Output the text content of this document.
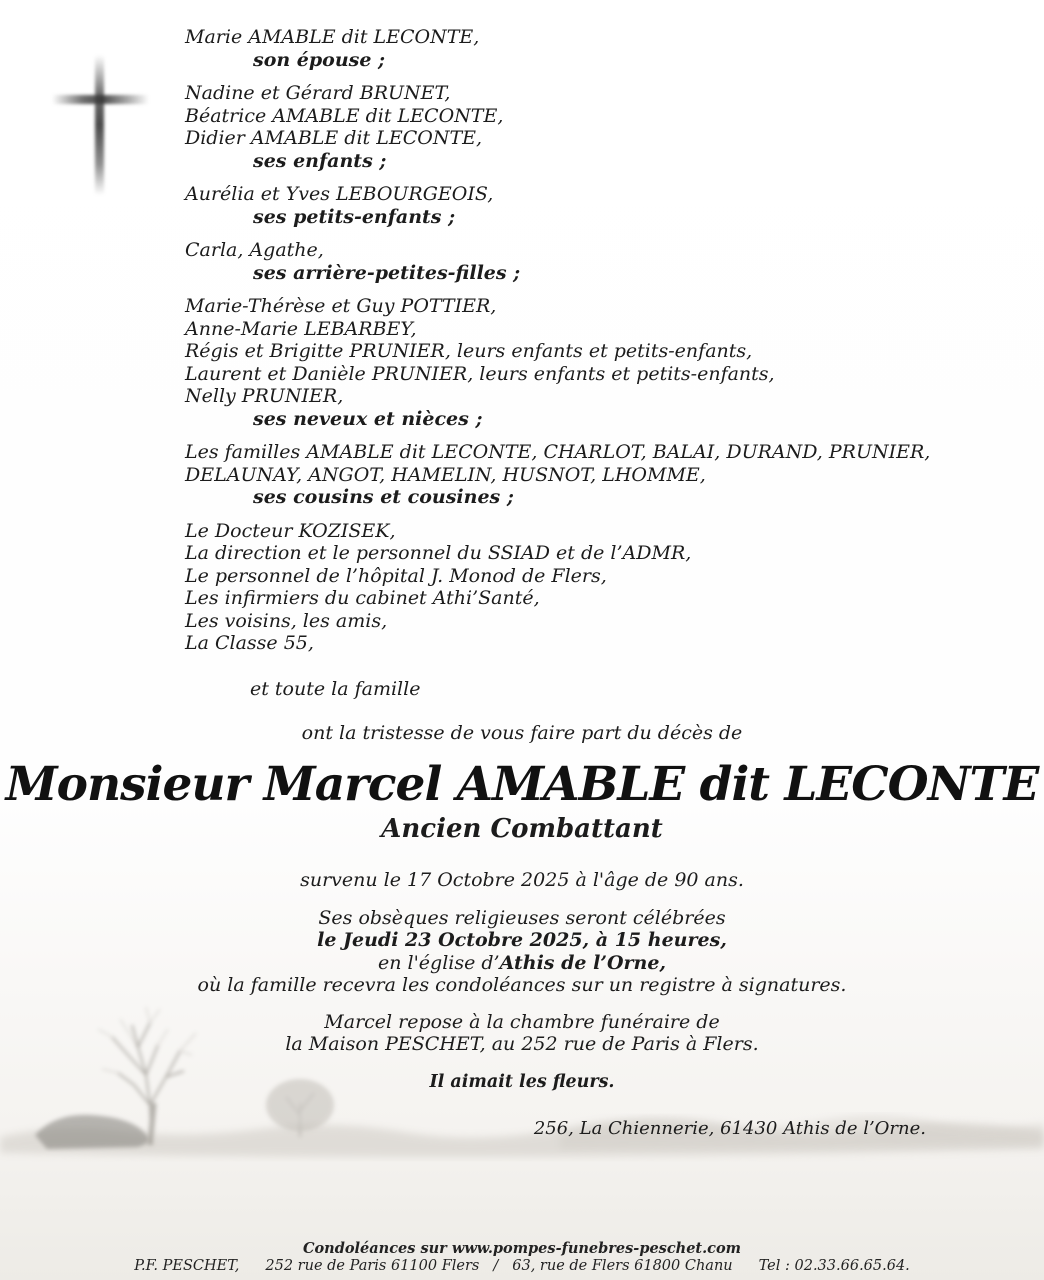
Marie AMABLE dit LECONTE,
son épouse ;
Nadine et Gérard BRUNET,
Béatrice AMABLE dit LECONTE,
Didier AMABLE dit LECONTE,
ses enfants ;
Aurélia et Yves LEBOURGEOIS,
ses petits-enfants ;
Carla, Agathe,
ses arrière-petites-filles ;
Marie-Thérèse et Guy POTTIER,
Anne-Marie LEBARBEY,
Régis et Brigitte PRUNIER, leurs enfants et petits-enfants,
Laurent et Danièle PRUNIER, leurs enfants et petits-enfants,
Nelly PRUNIER,
ses neveux et nièces ;
Les familles AMABLE dit LECONTE, CHARLOT, BALAI, DURAND, PRUNIER,
DELAUNAY, ANGOT, HAMELIN, HUSNOT, LHOMME,
ses cousins et cousines ;
Le Docteur KOZISEK,
La direction et le personnel du SSIAD et de l’ADMR,
Le personnel de l’hôpital J. Monod de Flers,
Les infirmiers du cabinet Athi’Santé,
Les voisins, les amis,
La Classe 55,
et toute la famille
ont la tristesse de vous faire part du décès de
Monsieur Marcel AMABLE dit LECONTE
Ancien Combattant
survenu le 17 Octobre 2025 à l'âge de 90 ans.
Ses obsèques religieuses seront célébrées
le Jeudi 23 Octobre 2025, à 15 heures,
en l'église d’Athis de l’Orne,
où la famille recevra les condoléances sur un registre à signatures.
Marcel repose à la chambre funéraire de
la Maison PESCHET, au 252 rue de Paris à Flers.
Il aimait les fleurs.
256, La Chiennerie, 61430 Athis de l’Orne.
Condoléances sur www.pompes-funebres-peschet.com
P.F. PESCHET, 252 rue de Paris 61100 Flers / 63, rue de Flers 61800 Chanu Tel : 02.33.66.65.64.
